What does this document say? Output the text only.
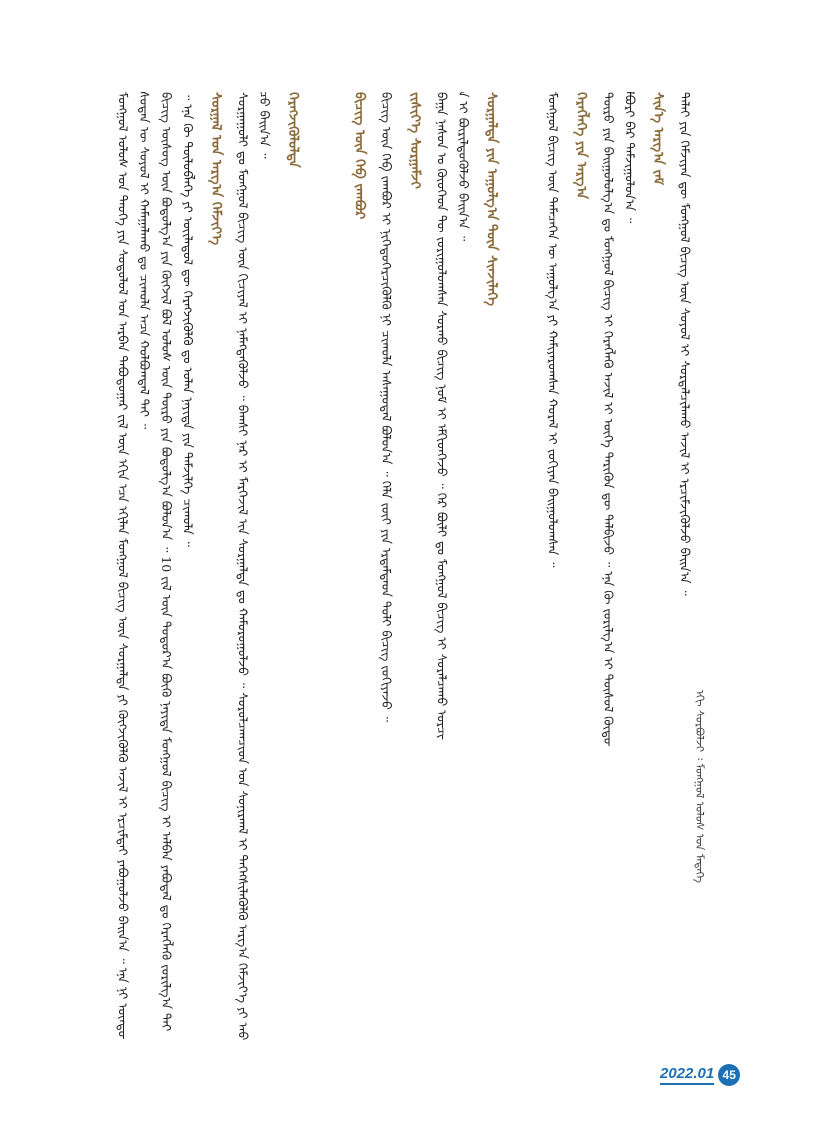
ᠮᠣᠩᠭᠣᠯ ᠤᠯᠤᠰ ᠤᠨ ᠲᠡᠦᠬᠡ ᠶᠢᠨ ᠰᠤᠳᠤᠯᠤᠯ ᠤᠨ ᠠᠷᠪᠠᠨ ᠲᠠᠪᠤᠳᠤᠭᠠᠷ ᠵᠢᠯ ᠦᠨ ᠡᠬᠢᠨ ᠡᠴᠡ ᠡᠬᠢᠯᠡᠨ ᠮᠣᠩᠭᠣᠯ ᠪᠢᠴᠢᠭ ᠦᠨ ᠰᠤᠷᠭᠠᠯᠲᠠ ᠶᠢ ᠬᠥᠭᠵᠢᠭᠦᠯᠬᠦ ᠠᠵᠢᠯ ᠢ ᠡᠷᠴᠢᠮᠲᠡᠢ ᠶᠠᠪᠤᠭᠤᠯᠵᠤ ᠪᠠᠢᠨ᠎ᠠ ᠃ ᠡᠨᠡ ᠨᠢ ᠦᠨᠳᠦᠰᠦᠲᠡᠨ ᠦ ᠰᠣᠶᠣᠯ ᠢ ᠬᠠᠮᠠᠭᠠᠯᠠᠬᠤ ᠳᠤ ᠴᠢᠬᠤᠯᠠ ᠠᠴᠠ ᠬᠣᠯᠪᠣᠭᠳᠠᠯ ᠲᠠᠢ ᠃ ᠪᠢᠴᠢᠭ ᠦᠰᠦᠭ ᠦᠨ ᠪᠣᠳᠤᠯᠭ᠎ᠠ ᠶᠢᠨ ᠬᠥᠭᠵᠢᠯ ᠪᠣᠯ ᠤᠯᠤᠰ ᠦᠨ ᠲᠥᠷᠥ ᠶᠢᠨ ᠪᠣᠳᠤᠯᠭ᠎ᠠ ᠪᠣᠯᠤᠨ᠎ᠠ ᠃ 10 ᠵᠢᠯ ᠦᠨ ᠳᠣᠲᠣᠷ᠎ᠠ ᠪᠥᠬᠥ ᠨᠡᠶᠢᠲᠡ ᠮᠣᠩᠭᠣᠯ ᠪᠢᠴᠢᠭ ᠢ ᠠᠯᠪᠠᠨ ᠶᠠᠪᠤᠳᠠᠯ ᠳᠤ ᠬᠡᠷᠡᠭᠯᠡᠬᠦ ᠵᠣᠷᠢᠯᠭ᠎ᠠ ᠲᠠᠢ ᠃ ᠡᠨᠡ ᠬᠦ ᠲᠥᠯᠥᠪᠯᠡᠭᠡ ᠶᠢ ᠦᠢᠯᠡᠳᠦᠯ ᠳᠦ ᠬᠡᠷᠡᠭᠵᠢᠭᠦᠯᠬᠦ ᠳᠤ ᠣᠯᠠᠨ ᠨᠡᠶᠢᠲᠡ ᠶᠢᠨ ᠳᠡᠮᠵᠢᠯᠭᠡ ᠴᠢᠬᠤᠯᠠ ᠃ ᠰᠤᠷᠭᠠᠯ ᠤᠨ ᠠᠷᠭ᠎ᠠ ᠬᠡᠮᠵᠢᠶ᠎ᠡ ᠰᠤᠷᠭᠠᠭᠤᠯᠢ ᠳᠤ ᠮᠣᠩᠭᠣᠯ ᠪᠢᠴᠢᠭ ᠦᠨ ᠬᠢᠴᠢᠶᠡᠯ ᠢ ᠨᠡᠮᠡᠭᠳᠡᠭᠦᠯᠵᠦ ᠃ ᠪᠠᠭᠰᠢ ᠨᠠᠷ ᠢ ᠮᠡᠷᠭᠡᠵᠢᠯ ᠢᠨ ᠰᠤᠷᠭᠠᠯᠲᠠ ᠳᠤ ᠬᠠᠮᠤᠷᠤᠭᠤᠯᠵᠤ ᠃ ᠰᠤᠷᠤᠯᠴᠠᠭᠴᠢᠳ ᠤᠨ ᠰᠣᠨᠢᠷᠬᠠᠯ ᠢ ᠳᠡᠭᠡᠭᠰᠢᠯᠡᠭᠦᠯᠬᠦ ᠠᠷᠭ᠎ᠠ ᠬᠡᠮᠵᠢᠶ᠎ᠡ ᠶᠢ ᠠᠪᠴᠤ ᠪᠠᠢᠨ᠎ᠠ ᠃ ᠬᠡᠷᠡᠭᠵᠢᠭᠦᠯᠦᠯᠲᠡ	ᠪᠢᠴᠢᠭ ᠦᠨ ᠬᠡᠪ ᠵᠠᠭᠪᠤᠷ ᠪᠢᠴᠢᠭ ᠦᠨ ᠬᠡᠪ ᠵᠠᠭᠪᠤᠷ ᠢ ᠨᠢᠭᠡᠳᠦᠭᠡᠷᠴᠢᠭᠦᠯᠬᠦ ᠨᠢ ᠴᠢᠬᠤᠯᠠ ᠠᠰᠠᠭᠤᠳᠠᠯ ᠪᠣᠯᠤᠨ᠎ᠠ ᠃ ᠬᠡᠯᠡ ᠵᠦᠢ ᠶᠢᠨ ᠡᠷᠳᠡᠮᠲᠡᠳ ᠲᠣᠯᠢ ᠪᠢᠴᠢᠭ ᠵᠣᠬᠢᠶᠠᠵᠤ ᠃ ᠵᠢᠱᠢᠶ᠎ᠡ ᠰᠤᠷᠭᠠᠮᠵᠢ ᠪᠠᠭᠠ ᠨᠠᠰᠤᠨ ᠤ ᠬᠦᠦᠬᠡᠳ ᠲᠦ ᠵᠣᠷᠢᠭᠤᠯᠤᠭᠰᠠᠨ ᠰᠤᠷᠬᠤ ᠪᠢᠴᠢᠭ ᠨᠣᠮ ᠢ ᠡᠮᠬᠢᠳᠬᠡᠵᠦ ᠃ ᠭᠡᠷ ᠪᠦᠯᠢ ᠳᠤ ᠮᠣᠩᠭᠣᠯ ᠪᠢᠴᠢᠭ ᠢ ᠰᠤᠷᠠᠯᠴᠠᠬᠤ ᠣᠷᠴᠢᠨ ᠢ ᠪᠦᠷᠢᠯᠳᠦᠭᠦᠯᠵᠦ ᠪᠠᠢᠨ᠎ᠠ ᠃ ᠰᠤᠷᠭᠠᠯᠲᠠ ᠶᠢᠨ ᠠᠭᠤᠯᠭ᠎ᠠ ᠳᠦᠨ ᠰᠢᠨᠵᠢᠯᠡᠭᠡ	ᠮᠣᠩᠭᠣᠯ ᠪᠢᠴᠢᠭ ᠦᠨ ᠲᠡᠮᠡᠴᠡᠭᠡᠨ ᠦ ᠠᠭᠤᠯᠭ᠎ᠠ ᠶᠢ ᠬᠠᠮᠢᠶᠠᠷᠤᠭᠰᠠᠨ ᠬᠤᠷᠠᠯ ᠢ ᠵᠣᠬᠢᠶᠠᠨ ᠪᠠᠢᠭᠤᠯᠤᠭᠰᠠᠨ ᠃ ᠬᠡᠷᠡᠭᠯᠡᠭᠡ ᠶᠢᠨ ᠠᠷᠭ᠎ᠠ ᠲᠥᠷᠥ ᠶᠢᠨ ᠪᠠᠢᠭᠤᠯᠤᠯᠭ᠎ᠠ ᠳᠤ ᠮᠣᠩᠭᠣᠯ ᠪᠢᠴᠢᠭ ᠢ ᠬᠡᠷᠡᠭᠯᠡᠬᠦ ᠠᠵᠢᠯ ᠢ ᠦᠭᠡ ᠲᠡᠷᠢᠭᠦᠨ ᠳᠦ ᠲᠠᠯᠪᠢᠵᠤ ᠃ ᠡᠨᠡ ᠬᠦ ᠵᠣᠷᠢᠯᠭ᠎ᠠ ᠢ ᠲᠥᠰᠦᠯ ᠬᠥᠲᠦᠯᠪᠦᠷᠢ ᠪᠡᠷ ᠳᠠᠮᠵᠢᠭᠤᠯᠤᠨ᠎ᠠ ᠃ ᠰᠢᠨ᠎ᠡ ᠠᠷᠭ᠎ᠠ ᠵᠠᠮ ᠳᠠᠯᠠᠢ ᠶᠢᠨ ᠬᠡᠮᠵᠢᠶᠡᠨ ᠳᠦ ᠮᠣᠩᠭᠣᠯ ᠪᠢᠴᠢᠭ ᠦᠨ ᠰᠣᠶᠣᠯ ᠢ ᠰᠤᠷᠲᠠᠯᠴᠢᠯᠠᠬᠤ ᠠᠵᠢᠯ ᠢ ᠡᠷᠴᠢᠮᠵᠢᠭᠦᠯᠵᠦ ᠪᠠᠢᠨ᠎ᠠ ᠃
ᠡᠬᠢ ᠰᠤᠷᠪᠤᠯᠵᠢ ᠄ ᠮᠣᠩᠭᠣᠯ ᠤᠯᠤᠰ ᠤᠨ ᠮᠡᠳᠡᠭᠡ
2022.01 45
